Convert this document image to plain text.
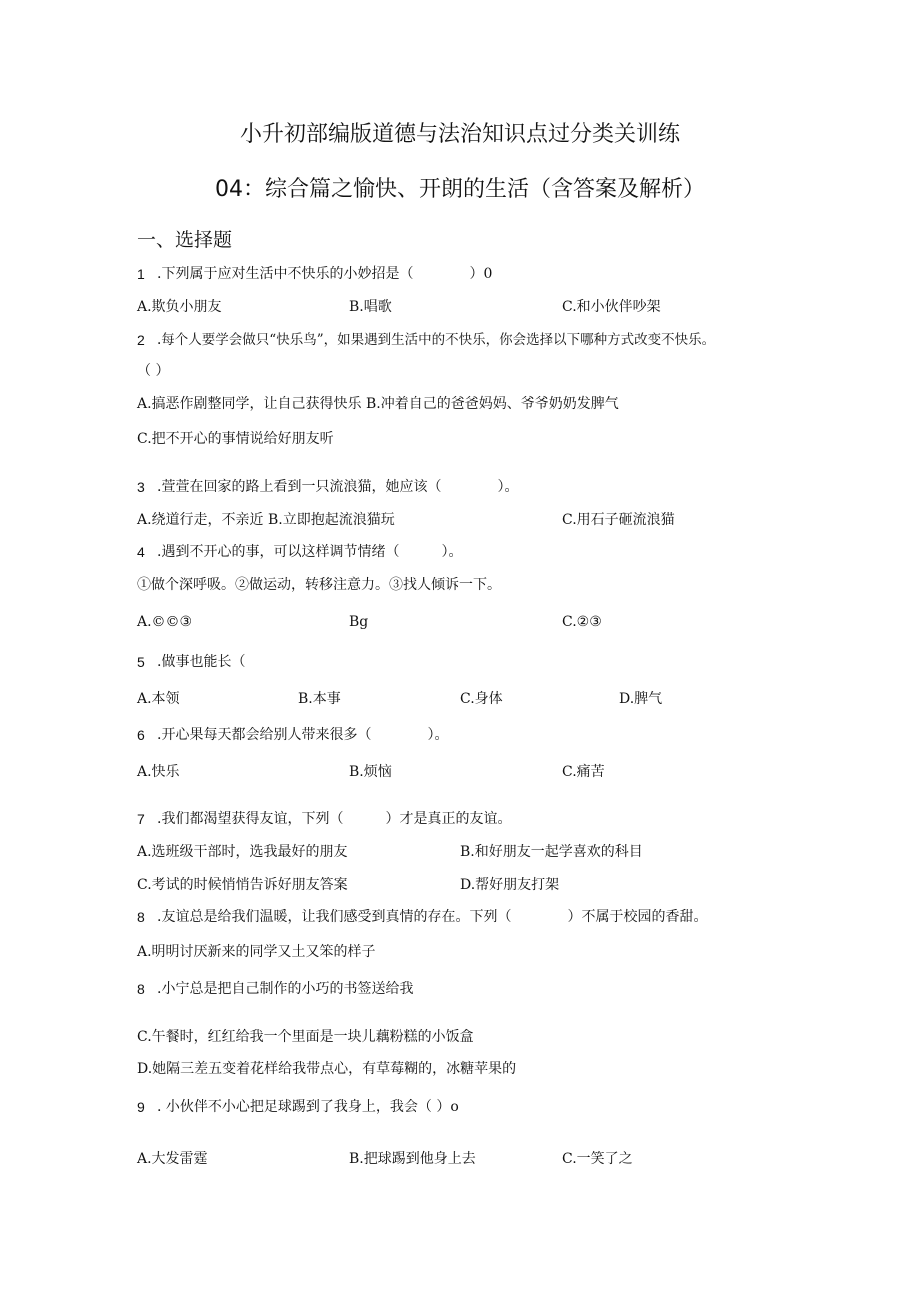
小升初部编版道德与法治知识点过分类关训练
04：综合篇之愉快、开朗的生活（含答案及解析）
一、选择题
1 .下列属于应对生活中不快乐的小妙招是（　　　　）0
A.欺负小朋友	B.唱歌	C.和小伙伴吵架
2 .每个人要学会做只“快乐鸟”，如果遇到生活中的不快乐，你会选择以下哪种方式改变不快乐。
（ ）
A.搞恶作剧整同学，让自己获得快乐 B.冲着自己的爸爸妈妈、爷爷奶奶发脾气
C.把不开心的事情说给好朋友听
3 .萱萱在回家的路上看到一只流浪猫，她应该（　　　　）。
A.绕道行走，不亲近 B.立即抱起流浪猫玩	C.用石子砸流浪猫
4 .遇到不开心的事，可以这样调节情绪（　　　）。
①做个深呼吸。②做运动，转移注意力。③找人倾诉一下。
A.©©③	Bg	C.②③
5 .做事也能长（
A.本领	B.本事	C.身体	D.脾气
6 .开心果每天都会给别人带来很多（　　　　）。
A.快乐	B.烦恼	C.痛苦
7 .我们都渴望获得友谊，下列（　　　）才是真正的友谊。
A.选班级干部时，选我最好的朋友	B.和好朋友一起学喜欢的科目
C.考试的时候悄悄告诉好朋友答案	D.帮好朋友打架
8 .友谊总是给我们温暖，让我们感受到真情的存在。下列（　　　　）不属于校园的香甜。
A.明明讨厌新来的同学又土又笨的样子
8 .小宁总是把自己制作的小巧的书签送给我
C.午餐时，红红给我一个里面是一块儿藕粉糕的小饭盒
D.她隔三差五变着花样给我带点心，有草莓糊的，冰糖苹果的
9 . 小伙伴不小心把足球踢到了我身上，我会（ ）o
A.大发雷霆	B.把球踢到他身上去	C.一笑了之
